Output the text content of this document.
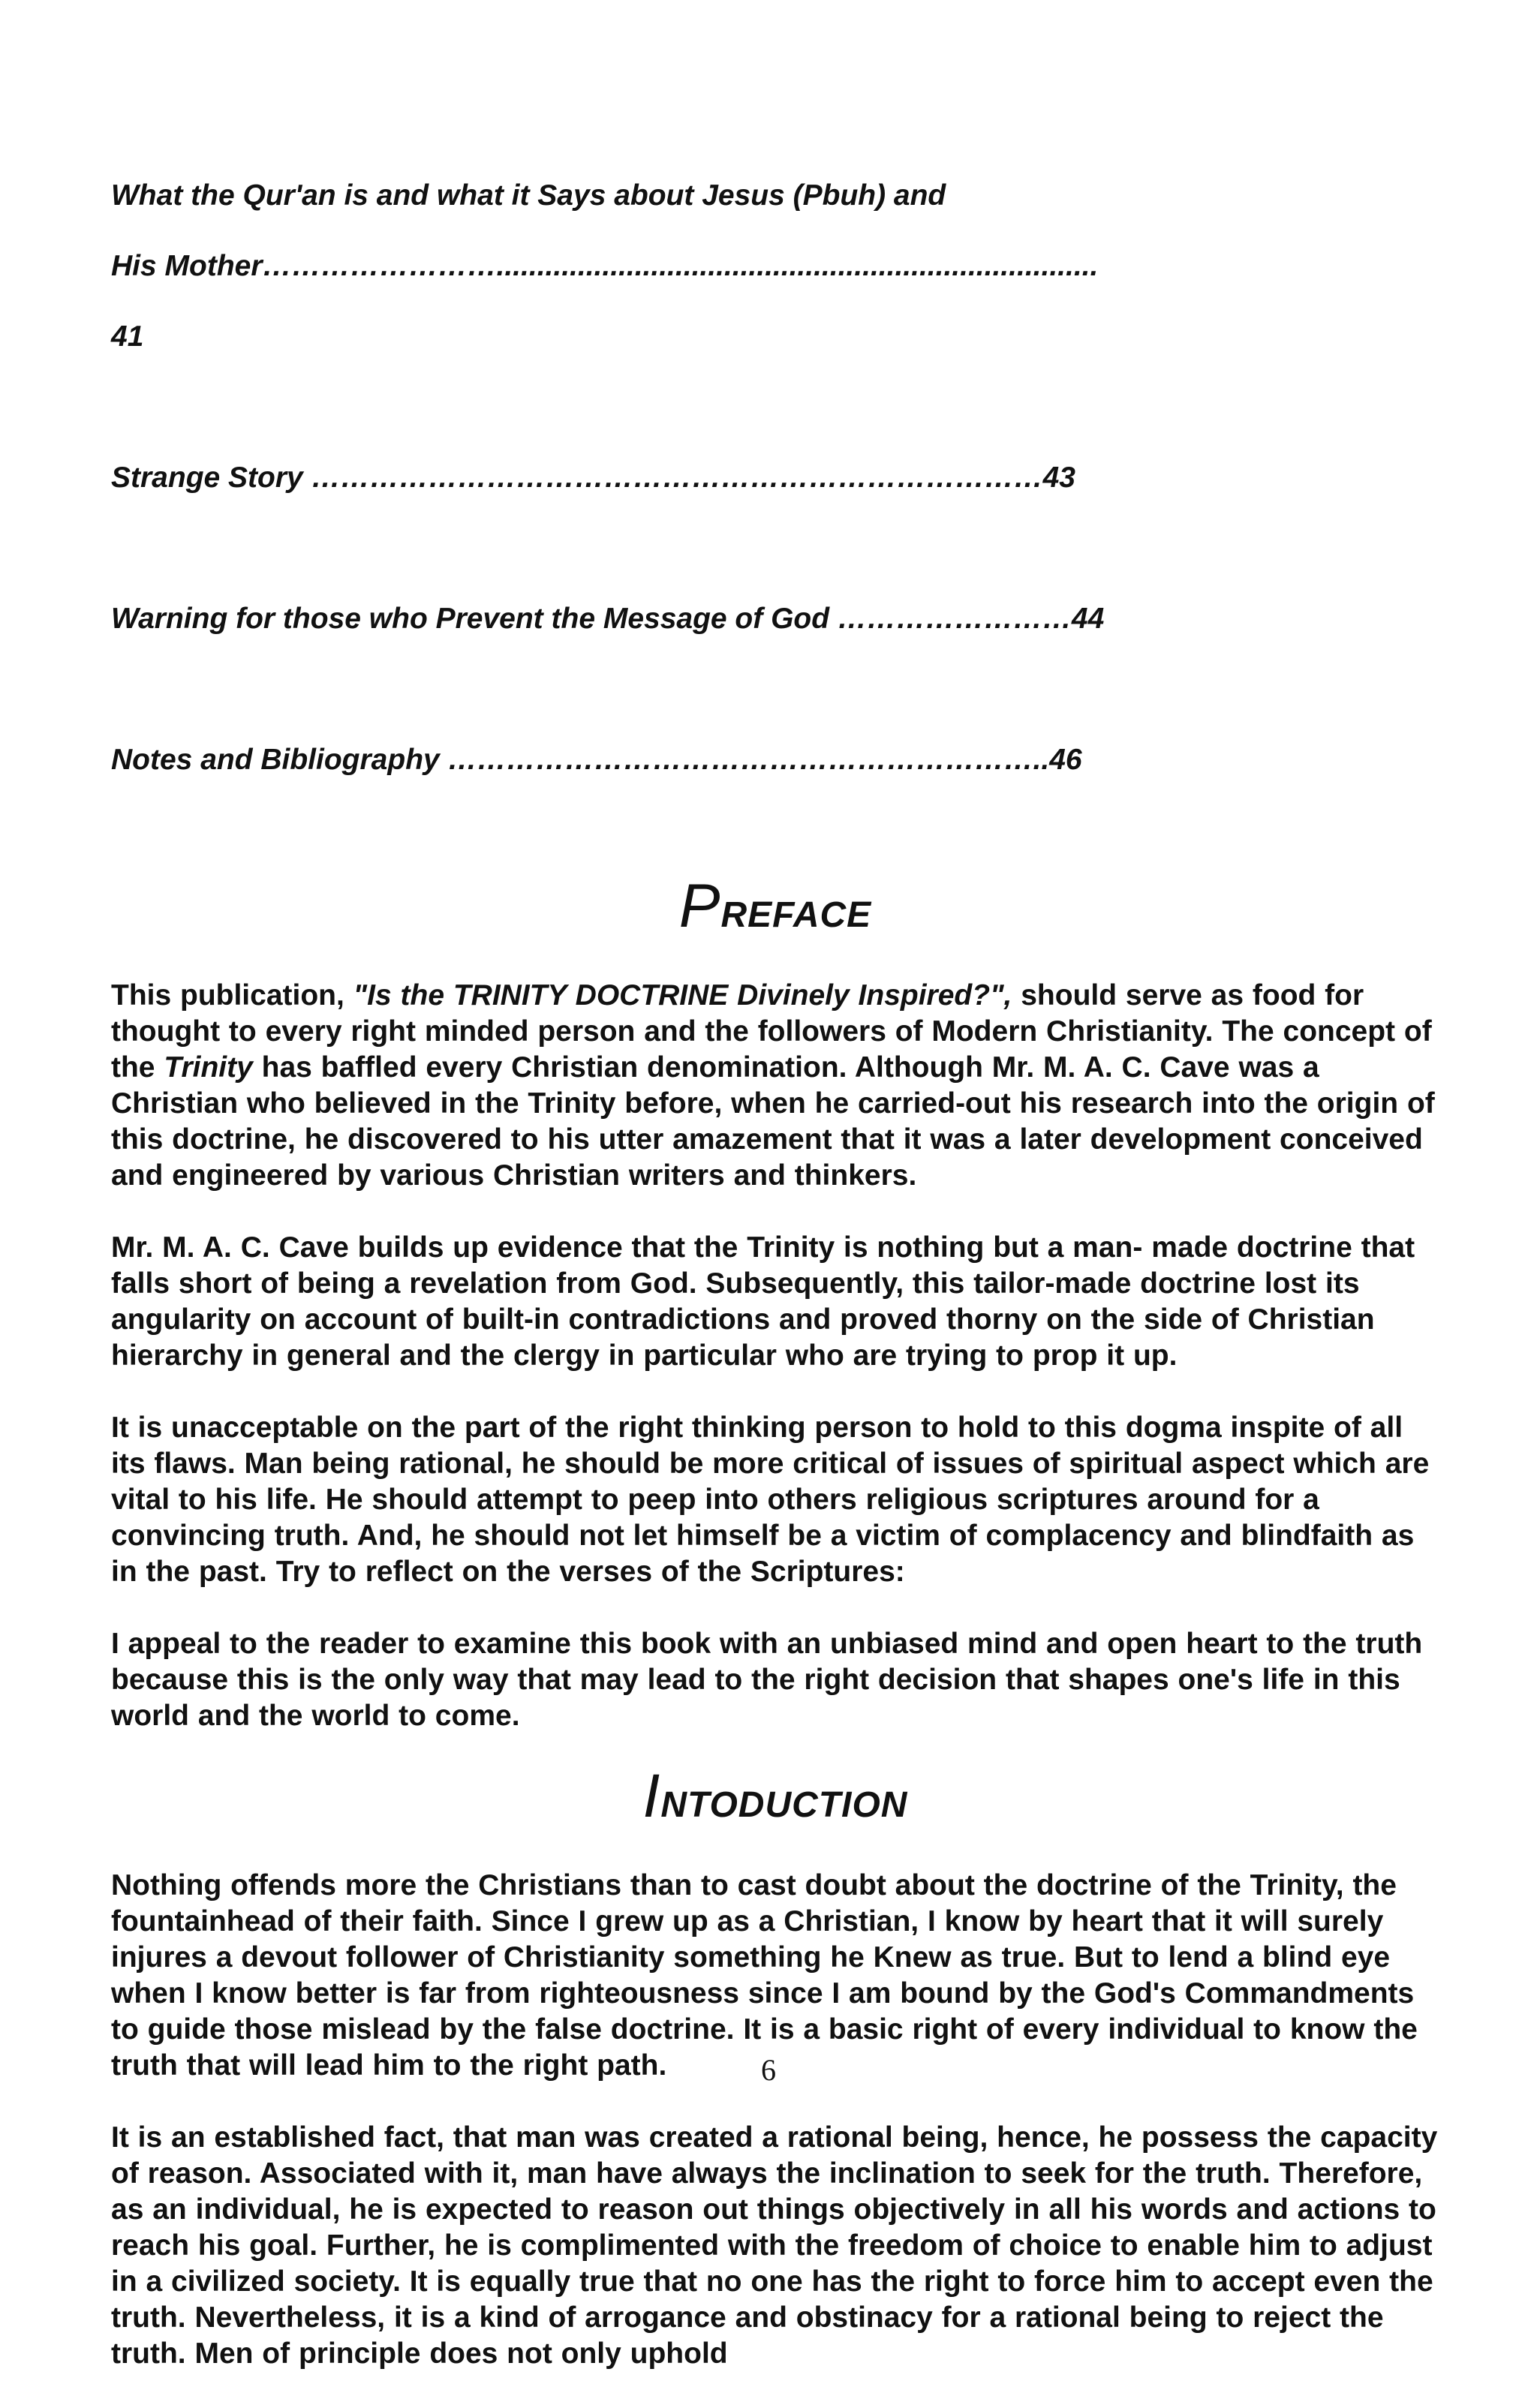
What the Qur'an is and what it Says about Jesus (Pbuh) and

His Mother……………………..........................................................................

41

Strange Story …………………………………………………………………43

Warning for those who Prevent the Message of God ……………………44

Notes and Bibliography ……………………………………………………..46

PREFACE

This publication, "Is the TRINITY DOCTRINE Divinely Inspired?", should serve as food for thought to every right minded person and the followers of Modern Christianity. The concept of the Trinity has baffled every Christian denomination. Although Mr. M. A. C. Cave was a Christian who believed in the Trinity before, when he carried-out his research into the origin of this doctrine, he discovered to his utter amazement that it was a later development conceived and engineered by various Christian writers and thinkers.

Mr. M. A. C. Cave builds up evidence that the Trinity is nothing but a man- made doctrine that falls short of being a revelation from God. Subsequently, this tailor-made doctrine lost its angularity on account of built-in contradictions and proved thorny on the side of Christian hierarchy in general and the clergy in particular who are trying to prop it up.

It is unacceptable on the part of the right thinking person to hold to this dogma inspite of all its flaws. Man being rational, he should be more critical of issues of spiritual aspect which are vital to his life. He should attempt to peep into others religious scriptures around for a convincing truth. And, he should not let himself be a victim of complacency and blindfaith as in the past. Try to reflect on the verses of the Scriptures:

I appeal to the reader to examine this book with an unbiased mind and open heart to the truth because this is the only way that may lead to the right decision that shapes one's life in this world and the world to come.

INTODUCTION

Nothing offends more the Christians than to cast doubt about the doctrine of the Trinity, the fountainhead of their faith. Since I grew up as a Christian, I know by heart that it will surely injures a devout follower of Christianity something he Knew as true. But to lend a blind eye when I know better is far from righteousness since I am bound by the God's Commandments to guide those mislead by the false doctrine. It is a basic right of every individual to know the truth that will lead him to the right path.

It is an established fact, that man was created a rational being, hence, he possess the capacity of reason. Associated with it, man have always the inclination to seek for the truth. Therefore, as an individual, he is expected to reason out things objectively in all his words and actions to reach his goal. Further, he is complimented with the freedom of choice to enable him to adjust in a civilized society. It is equally true that no one has the right to force him to accept even the truth. Nevertheless, it is a kind of arrogance and obstinacy for a rational being to reject the truth. Men of principle does not only uphold

6
